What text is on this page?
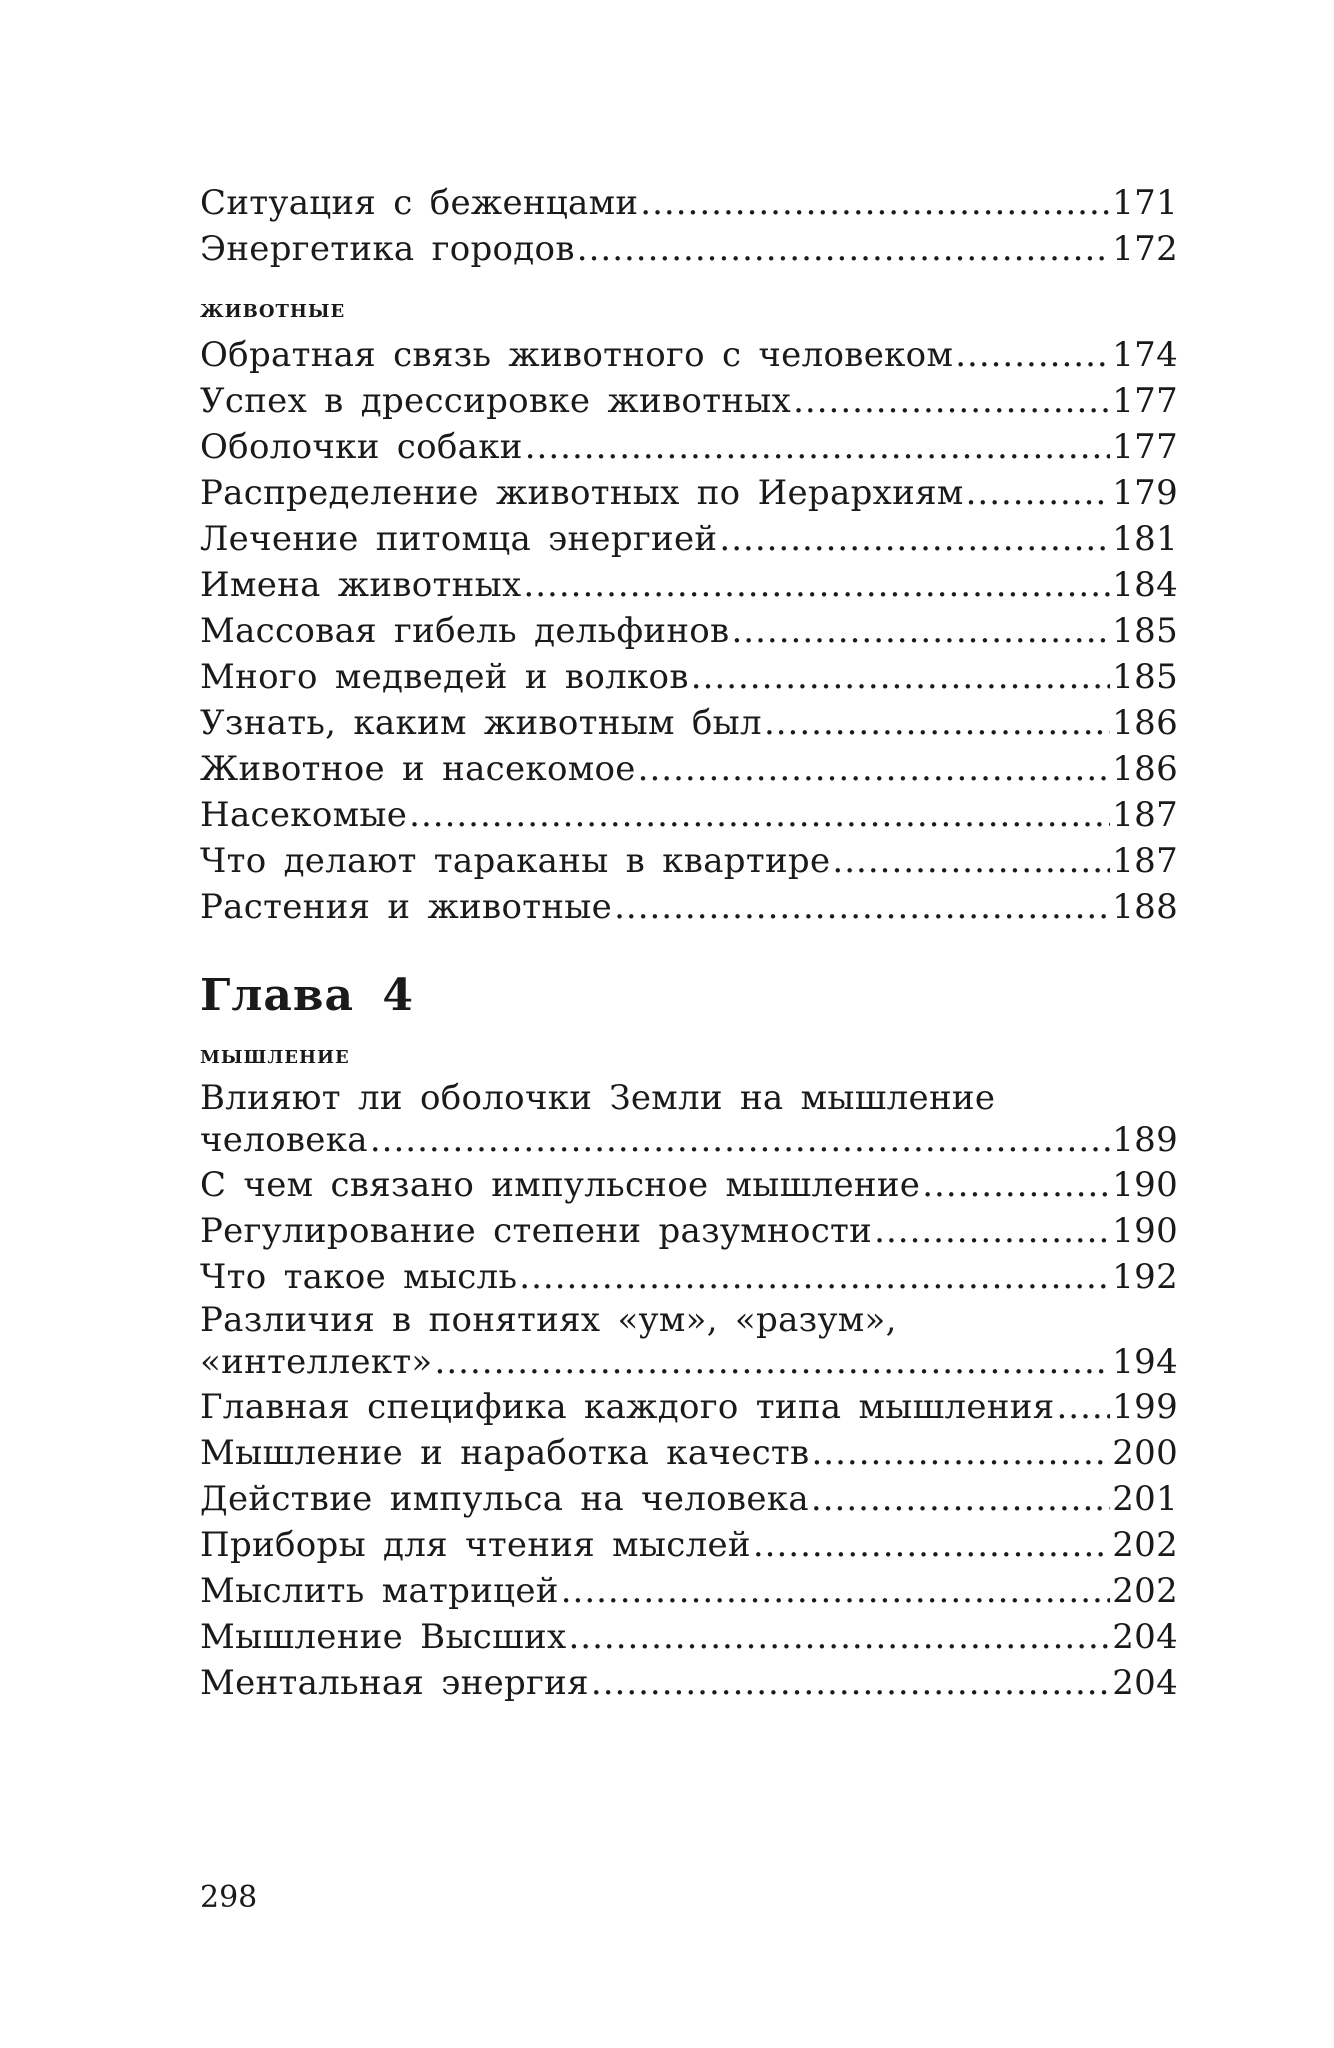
Ситуация с беженцами .....	171
Энергетика городов .....	172
животные
Обратная связь животного с человеком .....	174
Успех в дрессировке животных .....	177
Оболочки собаки .....	177
Распределение животных по Иерархиям .....	179
Лечение питомца энергией .....	181
Имена животных .....	184
Массовая гибель дельфинов .....	185
Много медведей и волков .....	185
Узнать, каким животным был .....	186
Животное и насекомое .....	186
Насекомые .....	187
Что делают тараканы в квартире .....	187
Растения и животные .....	188
Глава 4
мышление
Влияют ли оболочки Земли на мышление
человека .....	189
С чем связано импульсное мышление .....	190
Регулирование степени разумности .....	190
Что такое мысль .....	192
Различия в понятиях «ум», «разум»,
«интеллект» .....	194
Главная специфика каждого типа мышления ..... 199
Мышление и наработка качеств .....	200
Действие импульса на человека .....	201
Приборы для чтения мыслей .....	202
Мыслить матрицей .....	202
Мышление Высших .....	204
Ментальная энергия .....	204
298
